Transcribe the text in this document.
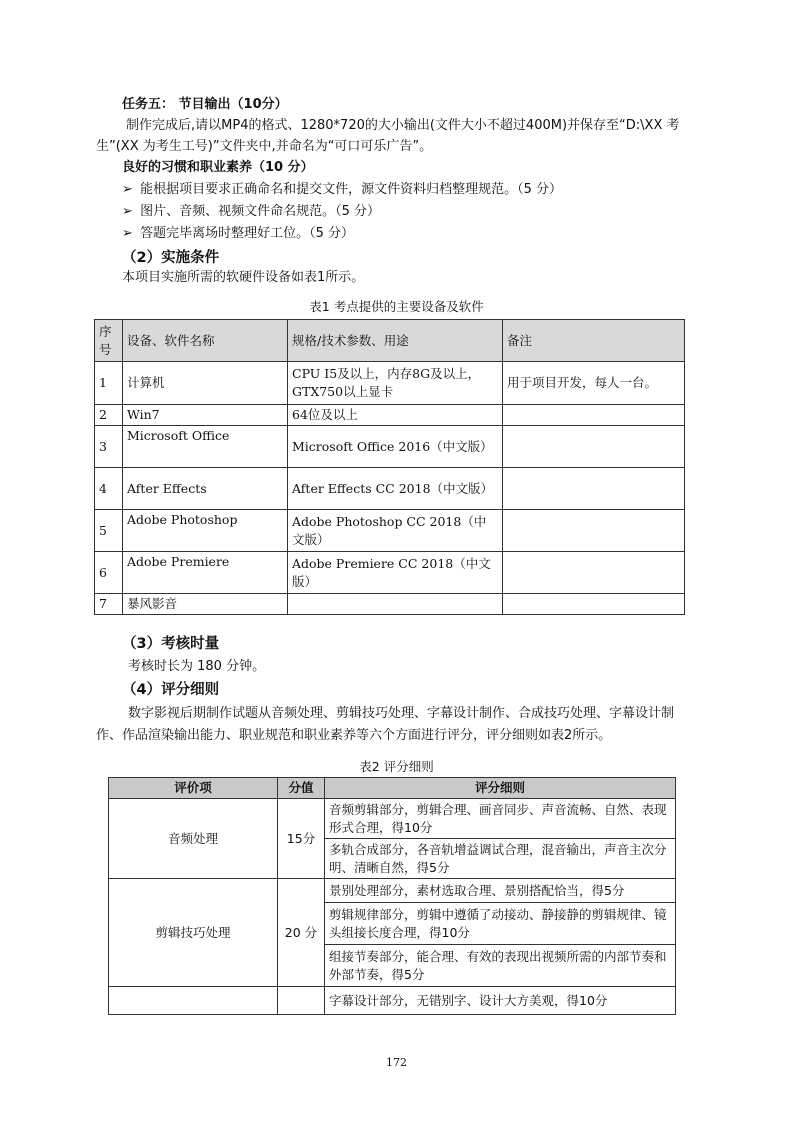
任务五： 节目输出（10分）
制作完成后,请以MP4的格式、1280*720的大小输出(文件大小不超过400M)并保存至“D:\XX 考
生”(XX 为考生工号)”文件夹中,并命名为“可口可乐广告”。
良好的习惯和职业素养（10 分）
➢ 能根据项目要求正确命名和提交文件，源文件资料归档整理规范。（5 分）
➢ 图片、音频、视频文件命名规范。（5 分）
➢ 答题完毕离场时整理好工位。（5 分）
（2）实施条件
本项目实施所需的软硬件设备如表1所示。
表1 考点提供的主要设备及软件
序号	设备、软件名称	规格/技术参数、用途	备注
1	计算机	CPU I5及以上，内存8G及以上，GTX750以上显卡	用于项目开发，每人一台。
2	Win7	64位及以上	
3	Microsoft Office	Microsoft Office 2016（中文版）	
4	After Effects	After Effects CC 2018（中文版）	
5	Adobe Photoshop	Adobe Photoshop CC 2018（中文版）	
6	Adobe Premiere	Adobe Premiere CC 2018（中文版）	
7	暴风影音		
（3）考核时量
考核时长为 180 分钟。
（4）评分细则
数字影视后期制作试题从音频处理、剪辑技巧处理、字幕设计制作、合成技巧处理、字幕设计制
作、作品渲染输出能力、职业规范和职业素养等六个方面进行评分，评分细则如表2所示。
表2 评分细则
评价项	分值	评分细则
音频处理	15分	音频剪辑部分，剪辑合理、画音同步、声音流畅、自然、表现形式合理，得10分
		多轨合成部分，各音轨增益调试合理，混音输出，声音主次分明、清晰自然，得5分
剪辑技巧处理	20 分	景别处理部分，素材选取合理、景别搭配恰当，得5分
		剪辑规律部分，剪辑中遵循了动接动、静接静的剪辑规律、镜头组接长度合理，得10分
		组接节奏部分，能合理、有效的表现出视频所需的内部节奏和外部节奏，得5分
		字幕设计部分，无错别字、设计大方美观，得10分
172
